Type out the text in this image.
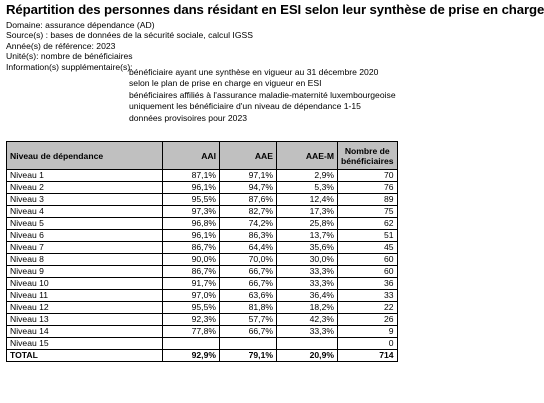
Répartition des personnes dans résidant en ESI selon leur synthèse de prise en charge
Domaine: assurance dépendance (AD)
Source(s) : bases de données de la sécurité sociale, calcul IGSS
Année(s) de référence: 2023
Unité(s): nombre de bénéficiaires
Information(s) supplémentaire(s):
bénéficiaire ayant une synthèse en vigueur au 31 décembre 2020
selon le plan de prise en charge en vigueur en ESI
bénéficiaires affiliés à l'assurance maladie-maternité luxembourgeoise
uniquement les bénéficiaire d'un niveau de dépendance 1-15
données provisoires pour 2023
Niveau de dépendance	AAI	AAE	AAE-M	Nombre de bénéficiaires
Niveau 1	87,1%	97,1%	2,9%	70
Niveau 2	96,1%	94,7%	5,3%	76
Niveau 3	95,5%	87,6%	12,4%	89
Niveau 4	97,3%	82,7%	17,3%	75
Niveau 5	96,8%	74,2%	25,8%	62
Niveau 6	96,1%	86,3%	13,7%	51
Niveau 7	86,7%	64,4%	35,6%	45
Niveau 8	90,0%	70,0%	30,0%	60
Niveau 9	86,7%	66,7%	33,3%	60
Niveau 10	91,7%	66,7%	33,3%	36
Niveau 11	97,0%	63,6%	36,4%	33
Niveau 12	95,5%	81,8%	18,2%	22
Niveau 13	92,3%	57,7%	42,3%	26
Niveau 14	77,8%	66,7%	33,3%	9
Niveau 15				0
TOTAL	92,9%	79,1%	20,9%	714
